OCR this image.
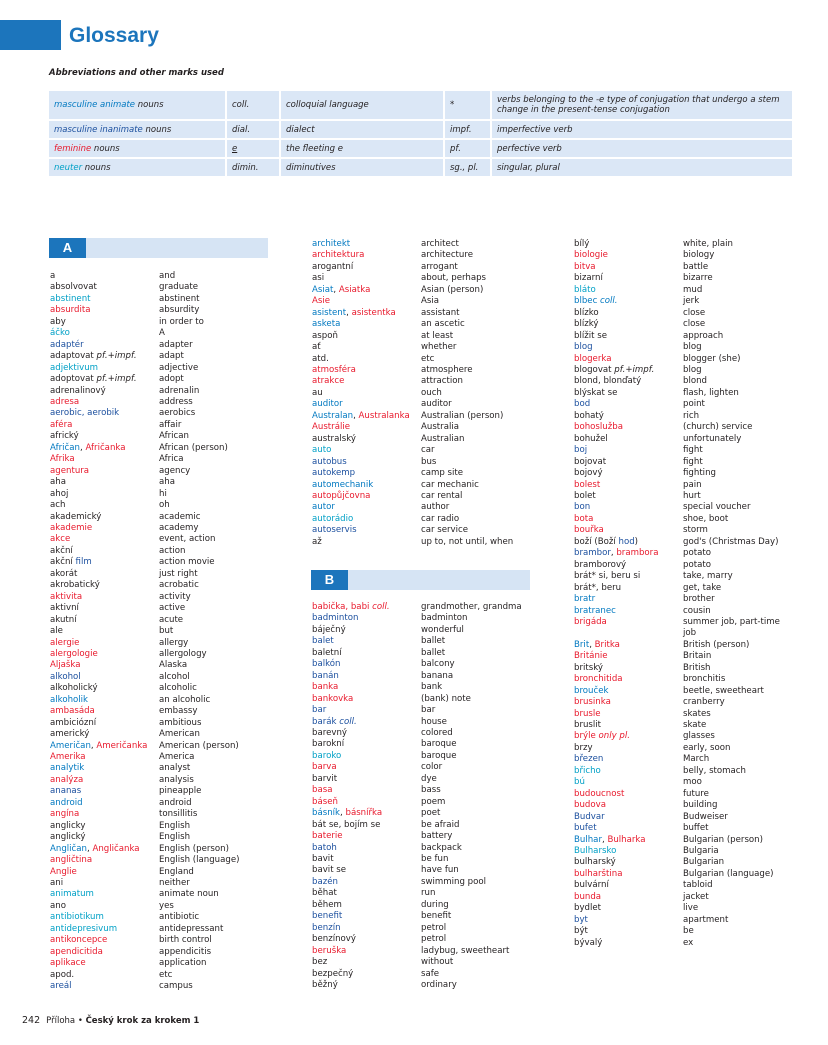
Glossary
Abbreviations and other marks used
masculine animate nouns		coll.		colloquial language		*		verbs belonging to the -e type of conjugation that undergo a stem change in the present-tense conjugation
masculine inanimate nouns		dial.		dialect		impf.		imperfective verb
feminine nouns		e		the fleeting e		pf.		perfective verb
neuter nouns		dimin.		diminutives		sg., pl.		singular, plural
A
B
a	and
absolvovat	graduate
abstinent	abstinent
absurdita	absurdity
aby	in order to
áčko	A
adaptér	adapter
adaptovat pf.+impf.	adapt
adjektivum	adjective
adoptovat pf.+impf.	adopt
adrenalinový	adrenalin
adresa	address
aerobic, aerobik	aerobics
aféra	affair
africký	African
Afričan, Afričanka	African (person)
Afrika	Africa
agentura	agency
aha	aha
ahoj	hi
ach	oh
akademický	academic
akademie	academy
akce	event, action
akční	action
akční film	action movie
akorát	just right
akrobatický	acrobatic
aktivita	activity
aktivní	active
akutní	acute
ale	but
alergie	allergy
alergologie	allergology
Aljaška	Alaska
alkohol	alcohol
alkoholický	alcoholic
alkoholik	an alcoholic
ambasáda	embassy
ambiciózní	ambitious
americký	American
Američan, Američanka	American (person)
Amerika	America
analytik	analyst
analýza	analysis
ananas	pineapple
android	android
angína	tonsillitis
anglicky	English
anglický	English
Angličan, Angličanka	English (person)
angličtina	English (language)
Anglie	England
ani	neither
animatum	animate noun
ano	yes
antibiotikum	antibiotic
antidepresivum	antidepressant
antikoncepce	birth control
apendicitida	appendicitis
aplikace	application
apod.	etc
areál	campus
architekt	architect
architektura	architecture
arogantní	arrogant
asi	about, perhaps
Asiat, Asiatka	Asian (person)
Asie	Asia
asistent, asistentka	assistant
asketa	an ascetic
aspoň	at least
ať	whether
atd.	etc
atmosféra	atmosphere
atrakce	attraction
au	ouch
auditor	auditor
Australan, Australanka	Australian (person)
Austrálie	Australia
australský	Australian
auto	car
autobus	bus
autokemp	camp site
automechanik	car mechanic
autopůjčovna	car rental
autor	author
autorádio	car radio
autoservis	car service
až	up to, not until, when
babička, babi coll.	grandmother, grandma
badminton	badminton
báječný	wonderful
balet	ballet
baletní	ballet
balkón	balcony
banán	banana
banka	bank
bankovka	(bank) note
bar	bar
barák coll.	house
barevný	colored
barokní	baroque
baroko	baroque
barva	color
barvit	dye
basa	bass
báseň	poem
básník, básnířka	poet
bát se, bojím se	be afraid
baterie	battery
batoh	backpack
bavit	be fun
bavit se	have fun
bazén	swimming pool
běhat	run
během	during
benefit	benefit
benzín	petrol
benzínový	petrol
beruška	ladybug, sweetheart
bez	without
bezpečný	safe
běžný	ordinary
bílý	white, plain
biologie	biology
bitva	battle
bizarní	bizarre
bláto	mud
blbec coll.	jerk
blízko	close
blízký	close
blížit se	approach
blog	blog
blogerka	blogger (she)
blogovat pf.+impf.	blog
blond, blonďatý	blond
blýskat se	flash, lighten
bod	point
bohatý	rich
bohoslužba	(church) service
bohužel	unfortunately
boj	fight
bojovat	fight
bojový	fighting
bolest	pain
bolet	hurt
bon	special voucher
bota	shoe, boot
bouřka	storm
boží (Boží hod)	god's (Christmas Day)
brambor, brambora	potato
bramborový	potato
brát* si, beru si	take, marry
brát*, beru	get, take
bratr	brother
bratranec	cousin
brigáda	summer job, part-time
job
Brit, Britka	British (person)
Británie	Britain
britský	British
bronchitida	bronchitis
brouček	beetle, sweetheart
brusinka	cranberry
brusle	skates
bruslit	skate
brýle only pl.	glasses
brzy	early, soon
březen	March
břicho	belly, stomach
bú	moo
budoucnost	future
budova	building
Budvar	Budweiser
bufet	buffet
Bulhar, Bulharka	Bulgarian (person)
Bulharsko	Bulgaria
bulharský	Bulgarian
bulharština	Bulgarian (language)
bulvární	tabloid
bunda	jacket
bydlet	live
byt	apartment
být	be
bývalý	ex
242 Příloha • Český krok za krokem 1
